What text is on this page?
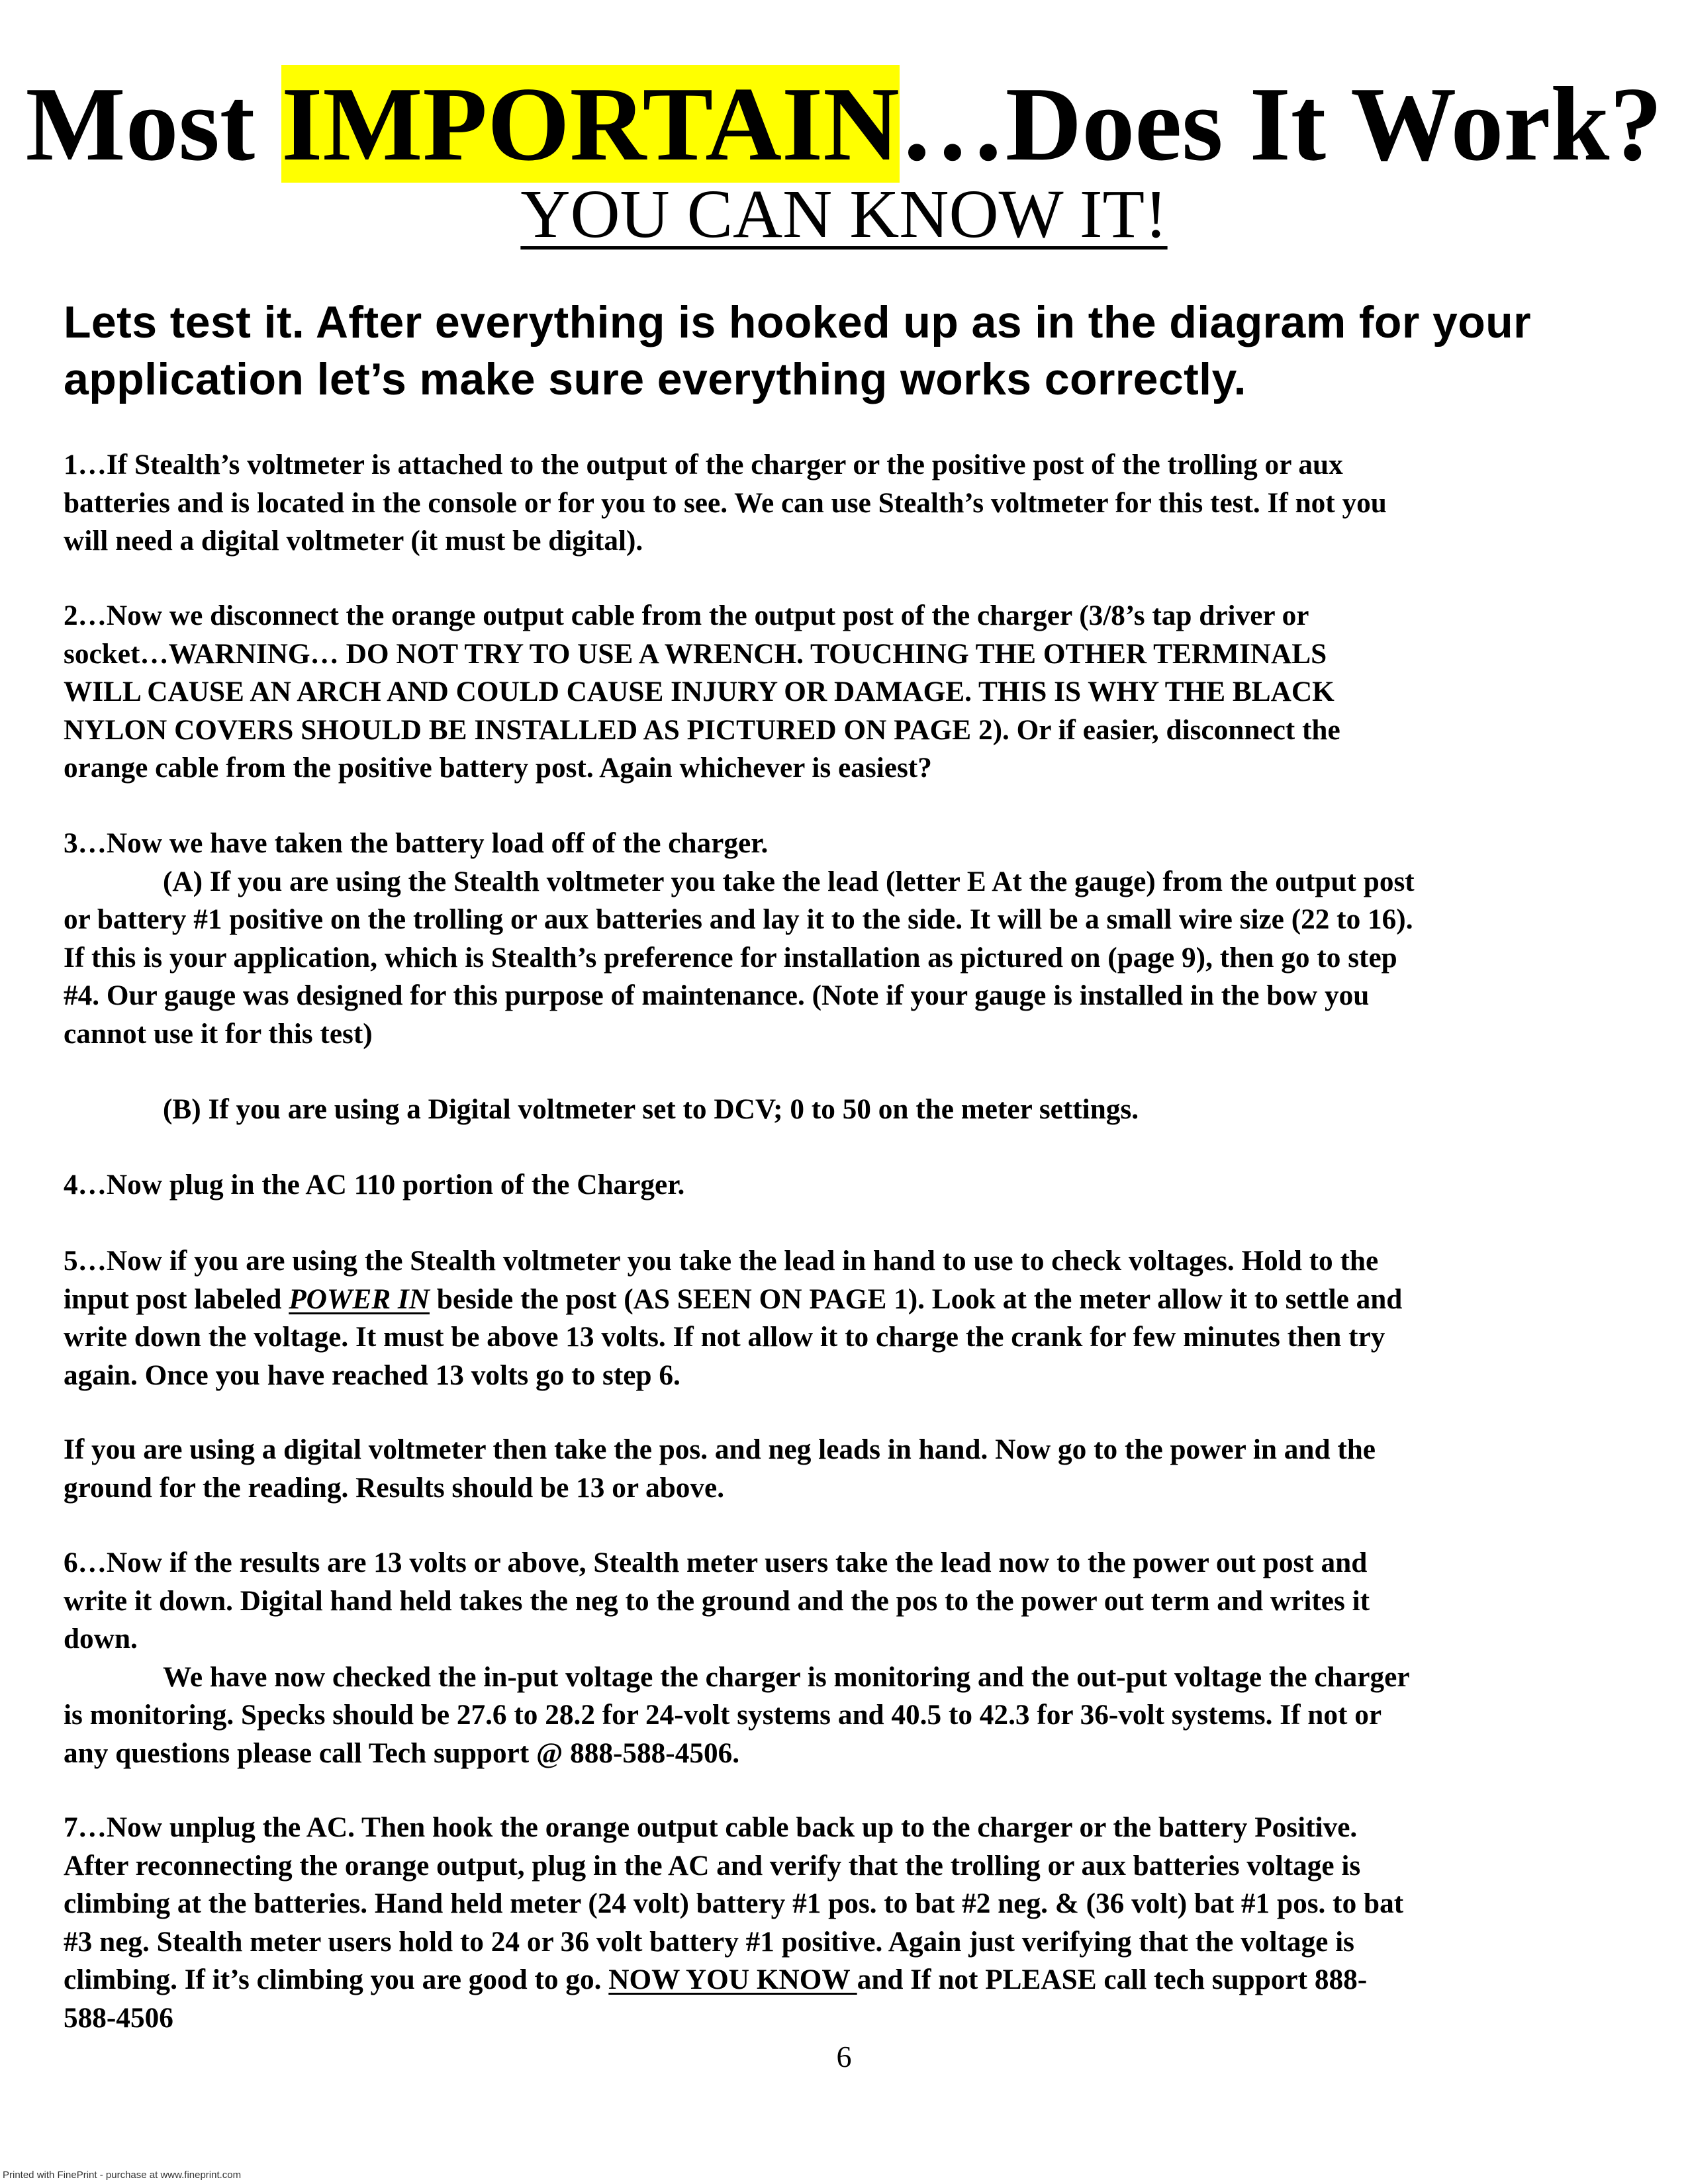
Most IMPORTAIN…Does It Work?
YOU CAN KNOW IT!
Lets test it. After everything is hooked up as in the diagram for your
application let’s make sure everything works correctly.
1…If Stealth’s voltmeter is attached to the output of the charger or the positive post of the trolling or aux
batteries and is located in the console or for you to see. We can use Stealth’s voltmeter for this test. If not you
will need a digital voltmeter (it must be digital).
2…Now we disconnect the orange output cable from the output post of the charger (3/8’s tap driver or
socket…WARNING… DO NOT TRY TO USE A WRENCH. TOUCHING THE OTHER TERMINALS
WILL CAUSE AN ARCH AND COULD CAUSE INJURY OR DAMAGE. THIS IS WHY THE BLACK
NYLON COVERS SHOULD BE INSTALLED AS PICTURED ON PAGE 2). Or if easier, disconnect the
orange cable from the positive battery post. Again whichever is easiest?
3…Now we have taken the battery load off of the charger.
(A) If you are using the Stealth voltmeter you take the lead (letter E At the gauge) from the output post
or battery #1 positive on the trolling or aux batteries and lay it to the side. It will be a small wire size (22 to 16).
If this is your application, which is Stealth’s preference for installation as pictured on (page 9), then go to step
#4. Our gauge was designed for this purpose of maintenance. (Note if your gauge is installed in the bow you
cannot use it for this test)
(B) If you are using a Digital voltmeter set to DCV; 0 to 50 on the meter settings.
4…Now plug in the AC 110 portion of the Charger.
5…Now if you are using the Stealth voltmeter you take the lead in hand to use to check voltages. Hold to the
input post labeled POWER IN beside the post (AS SEEN ON PAGE 1). Look at the meter allow it to settle and
write down the voltage. It must be above 13 volts. If not allow it to charge the crank for few minutes then try
again. Once you have reached 13 volts go to step 6.
If you are using a digital voltmeter then take the pos. and neg leads in hand. Now go to the power in and the
ground for the reading. Results should be 13 or above.
6…Now if the results are 13 volts or above, Stealth meter users take the lead now to the power out post and
write it down. Digital hand held takes the neg to the ground and the pos to the power out term and writes it
down.
We have now checked the in-put voltage the charger is monitoring and the out-put voltage the charger
is monitoring. Specks should be 27.6 to 28.2 for 24-volt systems and 40.5 to 42.3 for 36-volt systems. If not or
any questions please call Tech support @ 888-588-4506.
7…Now unplug the AC. Then hook the orange output cable back up to the charger or the battery Positive.
After reconnecting the orange output, plug in the AC and verify that the trolling or aux batteries voltage is
climbing at the batteries. Hand held meter (24 volt) battery #1 pos. to bat #2 neg. & (36 volt) bat #1 pos. to bat
#3 neg. Stealth meter users hold to 24 or 36 volt battery #1 positive. Again just verifying that the voltage is
climbing. If it’s climbing you are good to go. NOW YOU KNOW and If not PLEASE call tech support 888-
588-4506
6
Printed with FinePrint - purchase at www.fineprint.com
